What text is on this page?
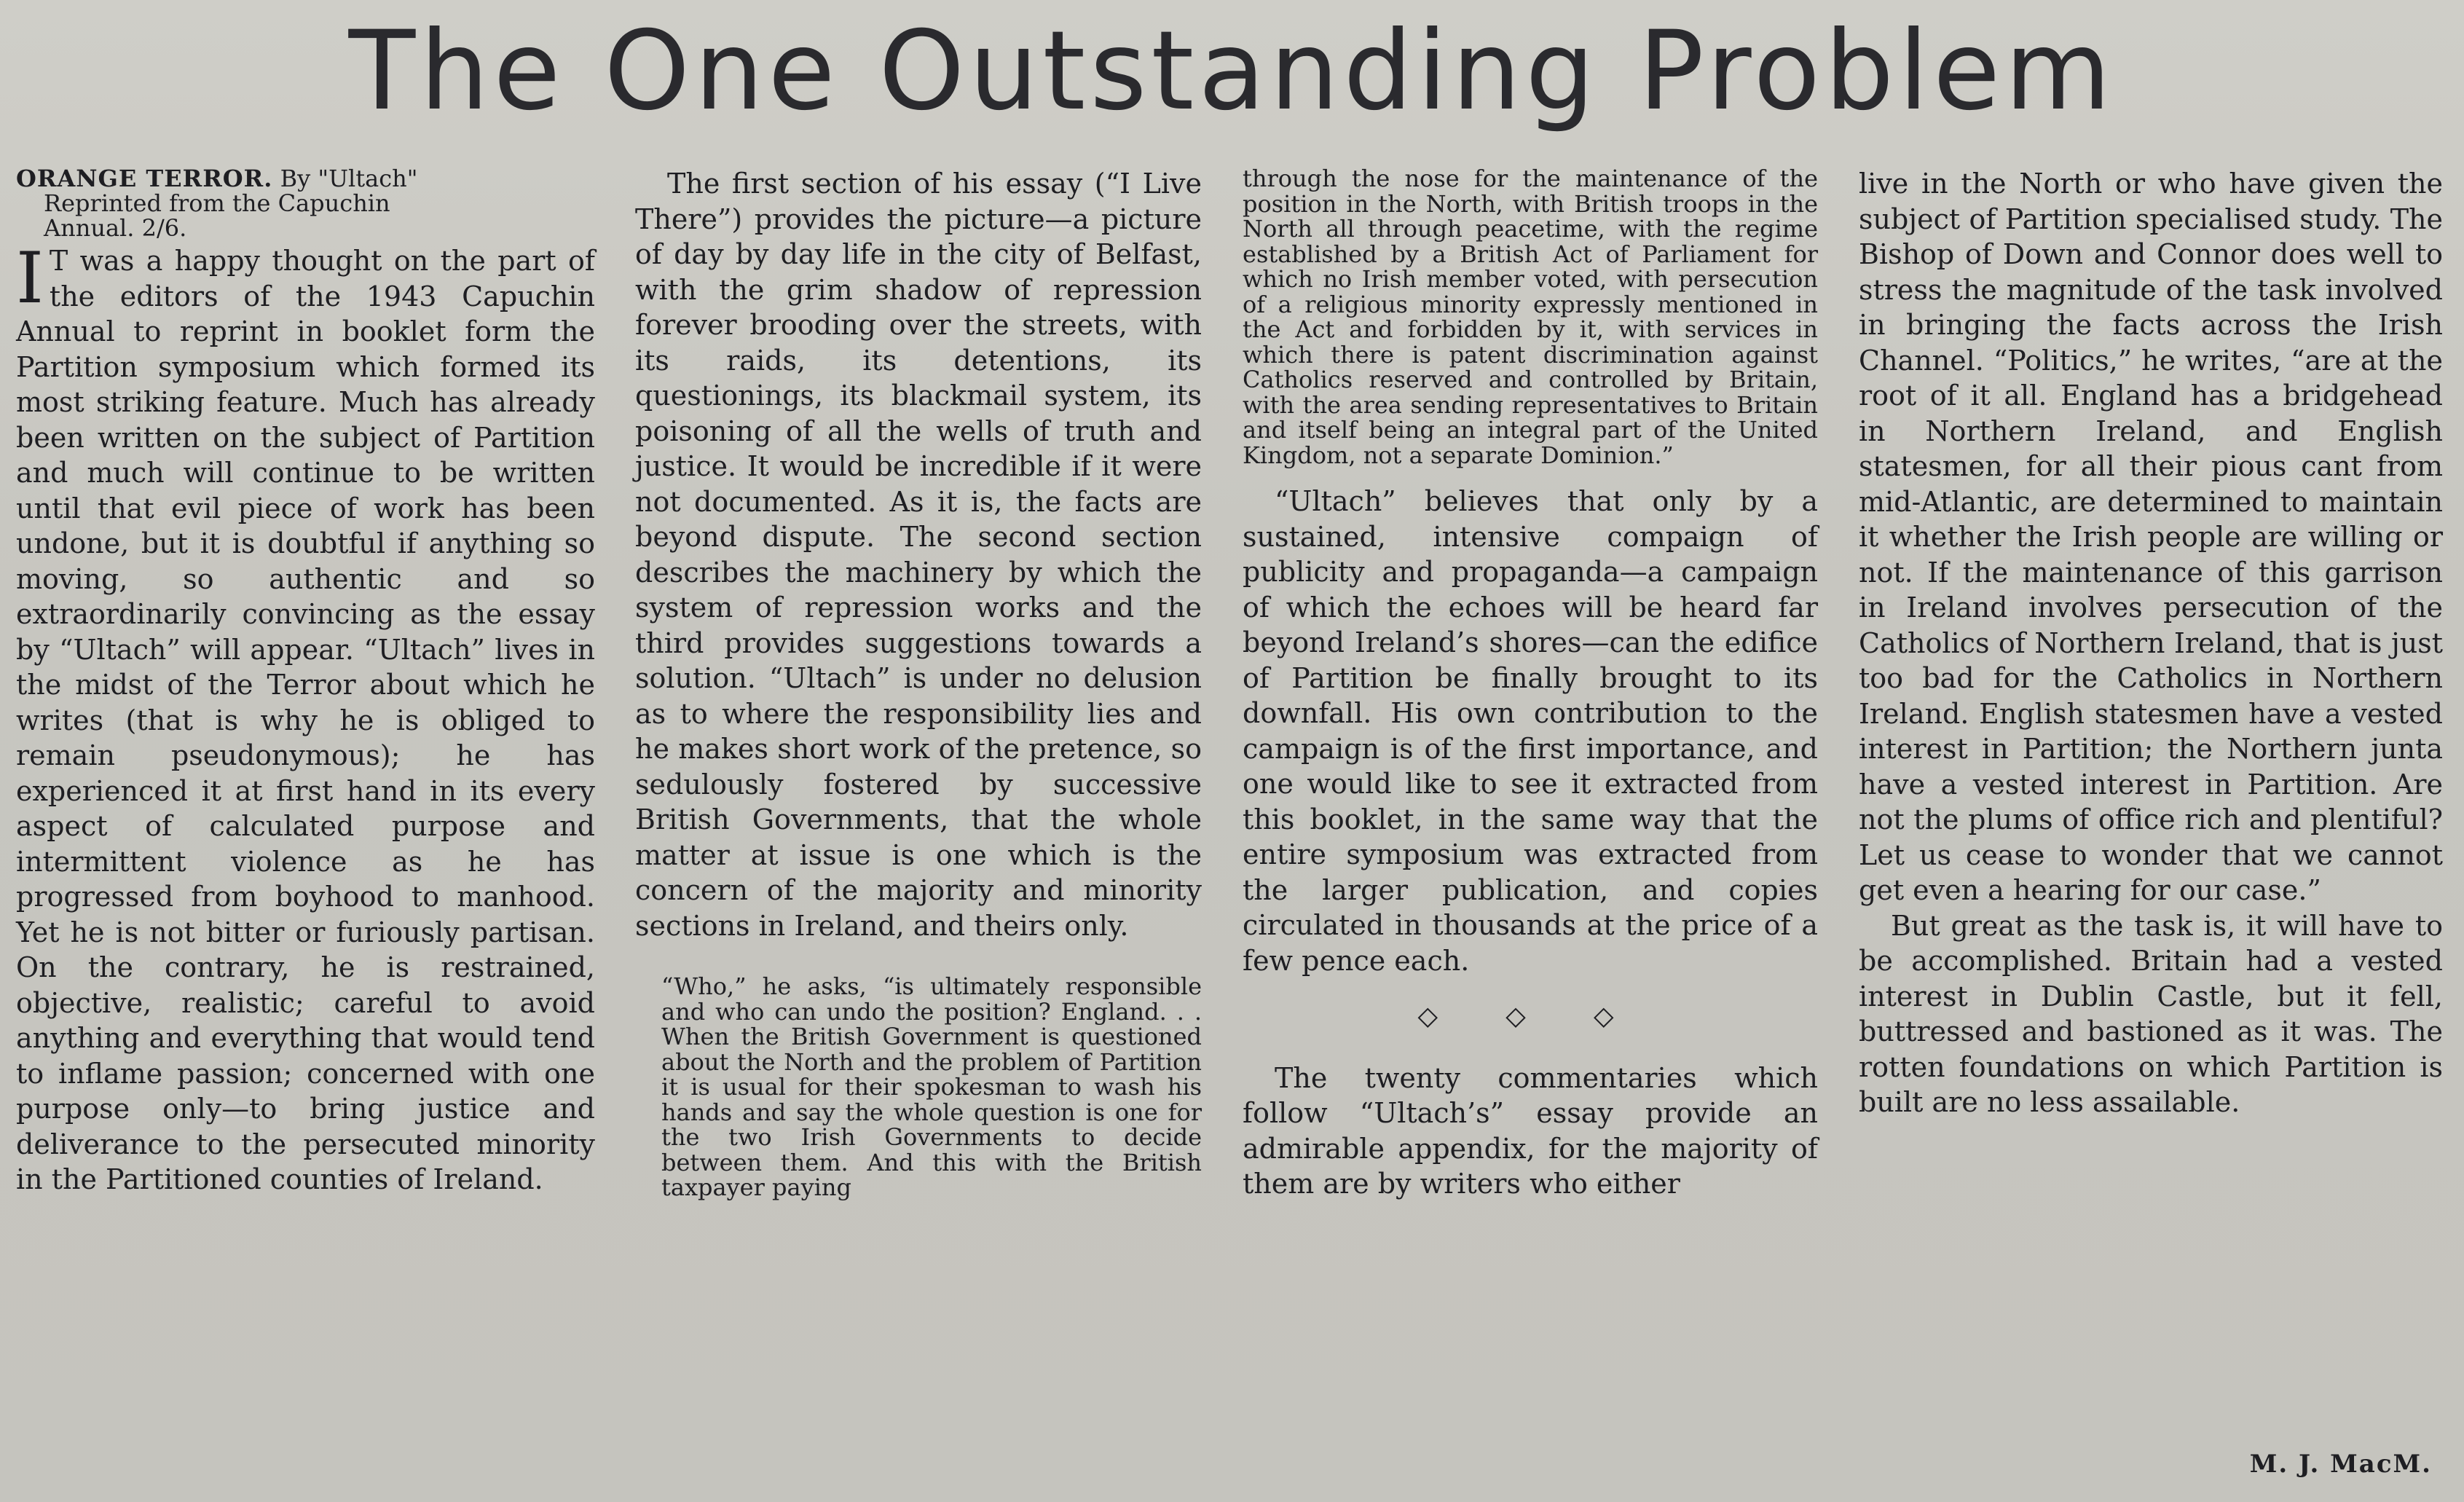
The One Outstanding Problem

ORANGE TERROR. By "Ultach"
Reprinted from the Capuchin
Annual. 2/6.

I T was a happy thought on the part of the editors of the 1943 Capuchin Annual to reprint in booklet form the Partition symposium which formed its most striking feature. Much has already been written on the subject of Partition and much will continue to be written until that evil piece of work has been undone, but it is doubtful if anything so moving, so authentic and so extraordinarily convincing as the essay by “Ultach” will appear. “Ultach” lives in the midst of the Terror about which he writes (that is why he is obliged to remain pseudonymous); he has experienced it at first hand in its every aspect of calculated purpose and intermittent violence as he has progressed from boyhood to manhood. Yet he is not bitter or furiously partisan. On the contrary, he is restrained, objective, realistic; careful to avoid anything and everything that would tend to inflame passion; concerned with one purpose only—to bring justice and deliverance to the persecuted minority in the Partitioned counties of Ireland.

The first section of his essay (“I Live There”) provides the picture—a picture of day by day life in the city of Belfast, with the grim shadow of repression forever brooding over the streets, with its raids, its detentions, its questionings, its blackmail system, its poisoning of all the wells of truth and justice. It would be incredible if it were not documented. As it is, the facts are beyond dispute. The second section describes the machinery by which the system of repression works and the third provides suggestions towards a solution. “Ultach” is under no delusion as to where the responsibility lies and he makes short work of the pretence, so sedulously fostered by successive British Governments, that the whole matter at issue is one which is the concern of the majority and minority sections in Ireland, and theirs only.

“Who,” he asks, “is ultimately responsible and who can undo the position? England. . . When the British Government is questioned about the North and the problem of Partition it is usual for their spokesman to wash his hands and say the whole question is one for the two Irish Governments to decide between them. And this with the British taxpayer paying

through the nose for the maintenance of the position in the North, with British troops in the North all through peacetime, with the regime established by a British Act of Parliament for which no Irish member voted, with persecution of a religious minority expressly mentioned in the Act and forbidden by it, with services in which there is patent discrimination against Catholics reserved and controlled by Britain, with the area sending representatives to Britain and itself being an integral part of the United Kingdom, not a separate Dominion.”

“Ultach” believes that only by a sustained, intensive compaign of publicity and propaganda—a campaign of which the echoes will be heard far beyond Ireland’s shores—can the edifice of Partition be finally brought to its downfall. His own contribution to the campaign is of the first importance, and one would like to see it extracted from this booklet, in the same way that the entire symposium was extracted from the larger publication, and copies circulated in thousands at the price of a few pence each.

⬦ ⬦ ⬦

The twenty commentaries which follow “Ultach’s” essay provide an admirable appendix, for the majority of them are by writers who either

live in the North or who have given the subject of Partition specialised study. The Bishop of Down and Connor does well to stress the magnitude of the task involved in bringing the facts across the Irish Channel. “Politics,” he writes, “are at the root of it all. England has a bridgehead in Northern Ireland, and English statesmen, for all their pious cant from mid-Atlantic, are determined to maintain it whether the Irish people are willing or not. If the maintenance of this garrison in Ireland involves persecution of the Catholics of Northern Ireland, that is just too bad for the Catholics in Northern Ireland. English statesmen have a vested interest in Partition; the Northern junta have a vested interest in Partition. Are not the plums of office rich and plentiful? Let us cease to wonder that we cannot get even a hearing for our case.”

But great as the task is, it will have to be accomplished. Britain had a vested interest in Dublin Castle, but it fell, buttressed and bastioned as it was. The rotten foundations on which Partition is built are no less assailable.

M. J. MacM.
